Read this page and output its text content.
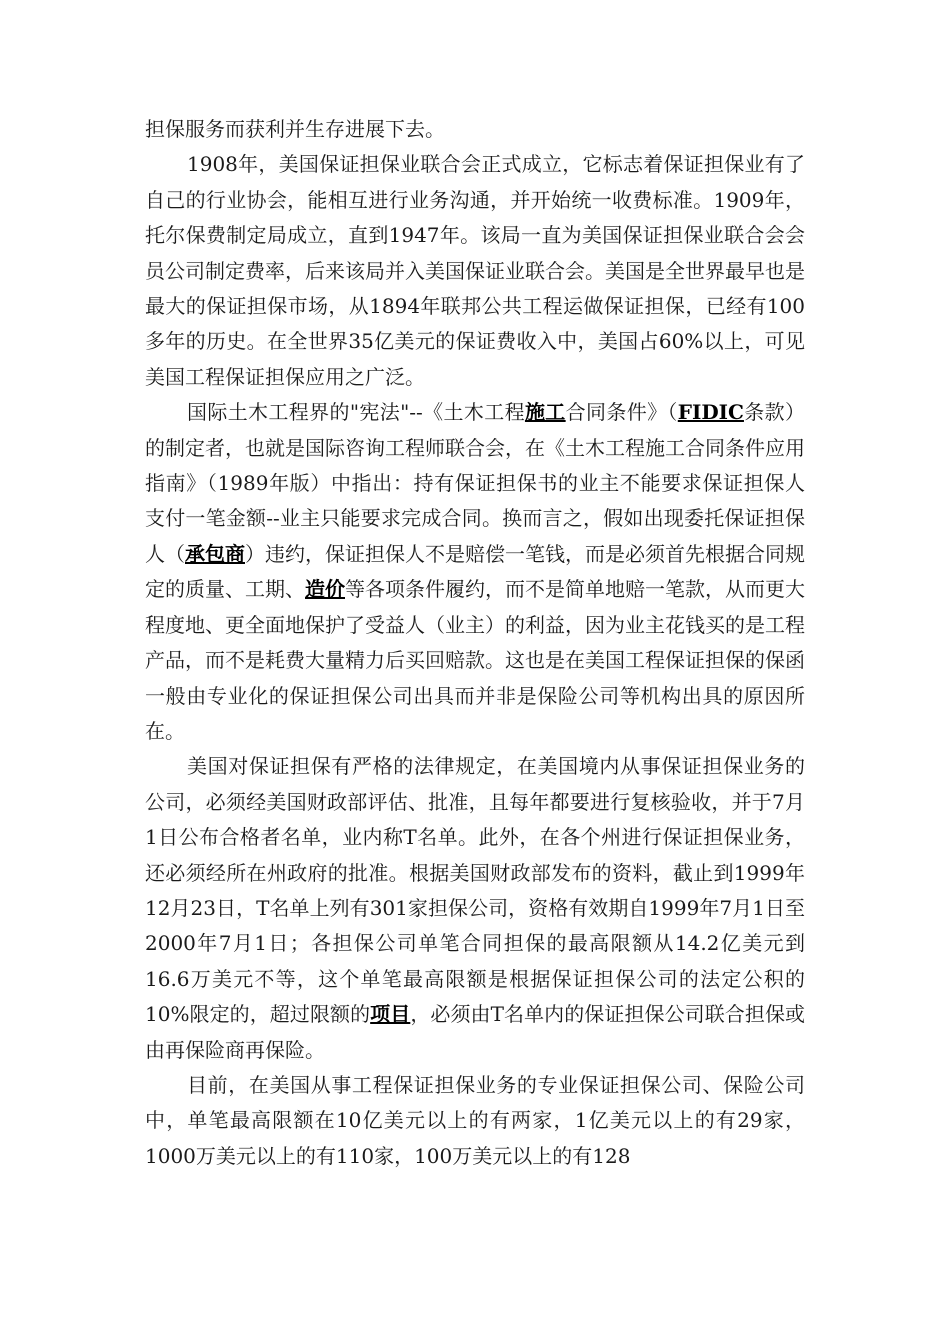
担保服务而获利并生存进展下去。

1908年，美国保证担保业联合会正式成立，它标志着保证担保业有了自己的行业协会，能相互进行业务沟通，并开始统一收费标准。1909年，托尔保费制定局成立，直到1947年。该局一直为美国保证担保业联合会会员公司制定费率，后来该局并入美国保证业联合会。美国是全世界最早也是最大的保证担保市场，从1894年联邦公共工程运做保证担保，已经有100多年的历史。在全世界35亿美元的保证费收入中，美国占60%以上，可见美国工程保证担保应用之广泛。

国际土木工程界的"宪法"--《土木工程施工合同条件》（FIDIC条款）的制定者，也就是国际咨询工程师联合会，在《土木工程施工合同条件应用指南》（1989年版）中指出：持有保证担保书的业主不能要求保证担保人支付一笔金额--业主只能要求完成合同。换而言之，假如出现委托保证担保人（承包商）违约，保证担保人不是赔偿一笔钱，而是必须首先根据合同规定的质量、工期、造价等各项条件履约，而不是简单地赔一笔款，从而更大程度地、更全面地保护了受益人（业主）的利益，因为业主花钱买的是工程产品，而不是耗费大量精力后买回赔款。这也是在美国工程保证担保的保函一般由专业化的保证担保公司出具而并非是保险公司等机构出具的原因所在。

美国对保证担保有严格的法律规定，在美国境内从事保证担保业务的公司，必须经美国财政部评估、批准，且每年都要进行复核验收，并于7月1日公布合格者名单，业内称T名单。此外，在各个州进行保证担保业务，还必须经所在州政府的批准。根据美国财政部发布的资料，截止到1999年12月23日，T名单上列有301家担保公司，资格有效期自1999年7月1日至2000年7月1日；各担保公司单笔合同担保的最高限额从14.2亿美元到16.6万美元不等，这个单笔最高限额是根据保证担保公司的法定公积的10%限定的，超过限额的项目，必须由T名单内的保证担保公司联合担保或由再保险商再保险。

目前，在美国从事工程保证担保业务的专业保证担保公司、保险公司中，单笔最高限额在10亿美元以上的有两家，1亿美元以上的有29家，1000万美元以上的有110家，100万美元以上的有128
